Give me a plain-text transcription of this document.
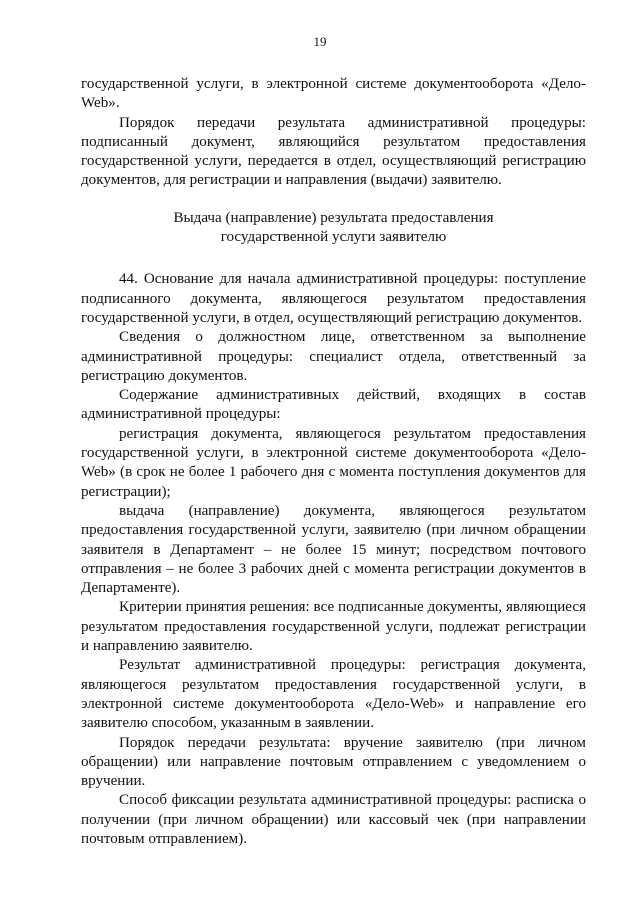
19

государственной услуги, в электронной системе документооборота «Дело-Web».

Порядок передачи результата административной процедуры: подписанный документ, являющийся результатом предоставления государственной услуги, передается в отдел, осуществляющий регистрацию документов, для регистрации и направления (выдачи) заявителю.

Выдача (направление) результата предоставления
государственной услуги заявителю

44. Основание для начала административной процедуры: поступление подписанного документа, являющегося результатом предоставления государственной услуги, в отдел, осуществляющий регистрацию документов.

Сведения о должностном лице, ответственном за выполнение административной процедуры: специалист отдела, ответственный за регистрацию документов.

Содержание административных действий, входящих в состав административной процедуры:

регистрация документа, являющегося результатом предоставления государственной услуги, в электронной системе документооборота «Дело-Web» (в срок не более 1 рабочего дня с момента поступления документов для регистрации);

выдача (направление) документа, являющегося результатом предоставления государственной услуги, заявителю (при личном обращении заявителя в Департамент – не более 15 минут; посредством почтового отправления – не более 3 рабочих дней с момента регистрации документов в Департаменте).

Критерии принятия решения: все подписанные документы, являющиеся результатом предоставления государственной услуги, подлежат регистрации и направлению заявителю.

Результат административной процедуры: регистрация документа, являющегося результатом предоставления государственной услуги, в электронной системе документооборота «Дело-Web» и направление его заявителю способом, указанным в заявлении.

Порядок передачи результата: вручение заявителю (при личном обращении) или направление почтовым отправлением с уведомлением о вручении.

Способ фиксации результата административной процедуры: расписка о получении (при личном обращении) или кассовый чек (при направлении почтовым отправлением).
